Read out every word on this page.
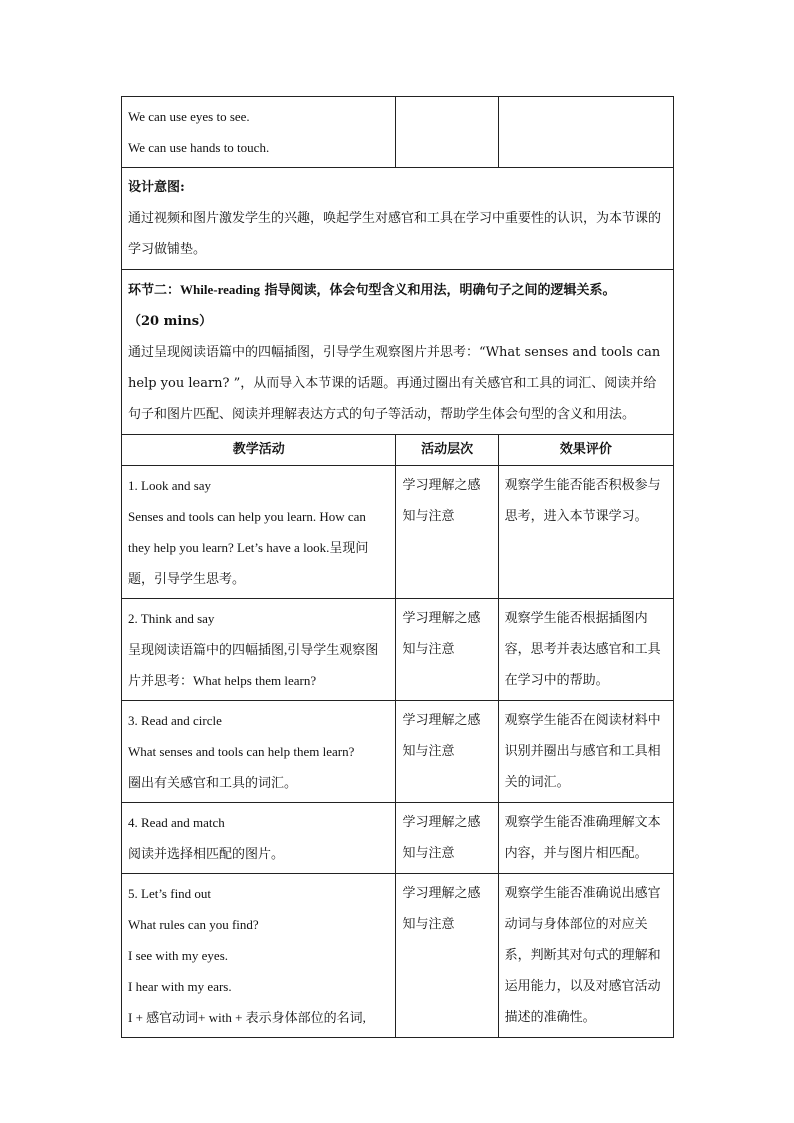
We can use eyes to see.
We can use hands to touch.		

设计意图:
通过视频和图片激发学生的兴趣，唤起学生对感官和工具在学习中重要性的认识，为本节课的学习做铺垫。		

环节二：While-reading 指导阅读，体会句型含义和用法，明确句子之间的逻辑关系。
（20 mins）
通过呈现阅读语篇中的四幅插图，引导学生观察图片并思考：“What senses and tools can help you learn? ”，从而导入本节课的话题。再通过圈出有关感官和工具的词汇、阅读并给句子和图片匹配、阅读并理解表达方式的句子等活动，帮助学生体会句型的含义和用法。		

教学活动	活动层次	效果评价

1. Look and say
Senses and tools can help you learn. How can they help you learn? Let’s have a look.呈现问题，引导学生思考。	学习理解之感知与注意	观察学生能否能否积极参与思考，进入本节课学习。

2. Think and say
呈现阅读语篇中的四幅插图,引导学生观察图片并思考：What helps them learn?	学习理解之感知与注意	观察学生能否根据插图内容，思考并表达感官和工具在学习中的帮助。

3. Read and circle
What senses and tools can help them learn?
圈出有关感官和工具的词汇。	学习理解之感知与注意	观察学生能否在阅读材料中识别并圈出与感官和工具相关的词汇。

4. Read and match
阅读并选择相匹配的图片。	学习理解之感知与注意	观察学生能否准确理解文本内容，并与图片相匹配。

5. Let’s find out
What rules can you find?
I see with my eyes.
I hear with my ears.
I + 感官动词+ with + 表示身体部位的名词,	学习理解之感知与注意	观察学生能否准确说出感官动词与身体部位的对应关系，判断其对句式的理解和运用能力，以及对感官活动描述的准确性。
